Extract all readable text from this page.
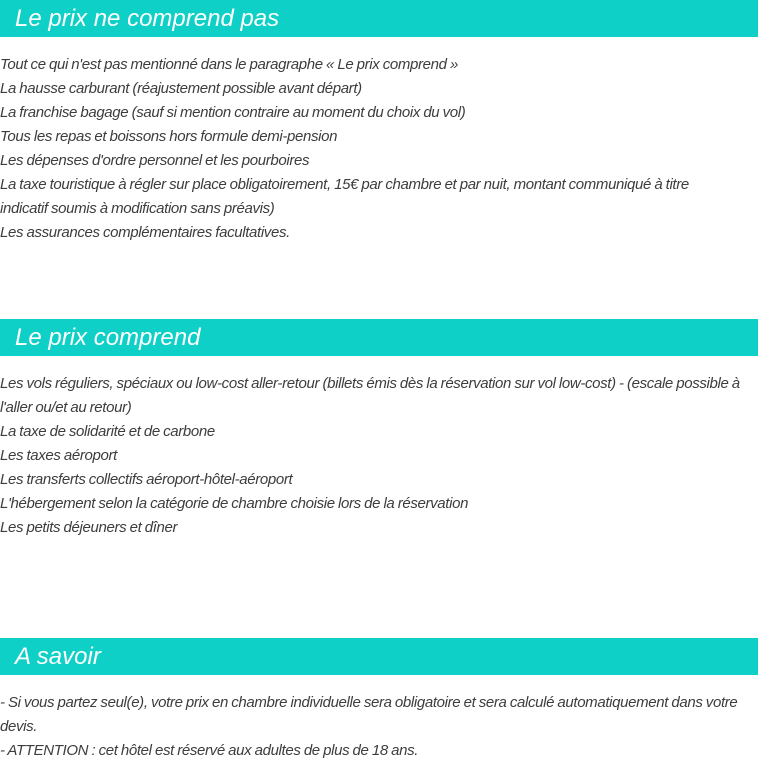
Le prix ne comprend pas
Tout ce qui n'est pas mentionné dans le paragraphe « Le prix comprend »
La hausse carburant (réajustement possible avant départ)
La franchise bagage (sauf si mention contraire au moment du choix du vol)
Tous les repas et boissons hors formule demi-pension
Les dépenses d'ordre personnel et les pourboires
La taxe touristique à régler sur place obligatoirement, 15€ par chambre et par nuit, montant communiqué à titre
indicatif soumis à modification sans préavis)
Les assurances complémentaires facultatives.
Le prix comprend
Les vols réguliers, spéciaux ou low-cost aller-retour (billets émis dès la réservation sur vol low-cost) - (escale possible à
l'aller ou/et au retour)
La taxe de solidarité et de carbone
Les taxes aéroport
Les transferts collectifs aéroport-hôtel-aéroport
L'hébergement selon la catégorie de chambre choisie lors de la réservation
Les petits déjeuners et dîner
A savoir
- Si vous partez seul(e), votre prix en chambre individuelle sera obligatoire et sera calculé automatiquement dans votre
devis.
- ATTENTION : cet hôtel est réservé aux adultes de plus de 18 ans.
